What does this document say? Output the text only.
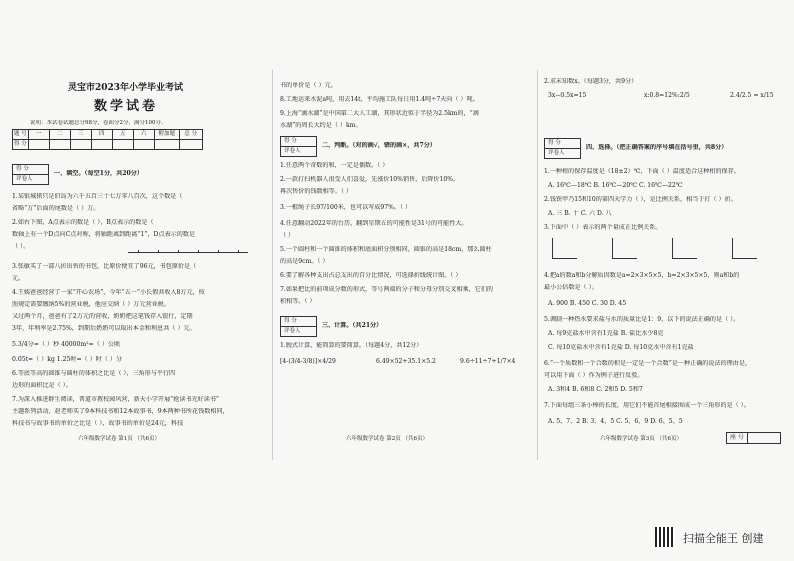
灵宝市2023年小学毕业考试
数学试卷
说明：本试卷试题总分98分，卷面分2分，满分100分。
题 号	一	二	三	四	五	六	附加题	总 分
得 分								
得 分
评卷人
一、填空。（每空1分，共20分）
1.某银城猪只是旧岛为六千五百三十七万零八百次，这个数是（
省略“万”后面的尾数是（ ）万。
2.如右下图，A点表示的数是（ ），B点表示的数是（
数轴上有一个D点向C点对称，将轴距离到距离“1”，D点表示的数是
（ ）。
3.张敏买了一部八折出售的书包，比原价便宜了96元，书包原价是（
元。
4.王姨爸爸经营了一家“开心农场”，今年“五一”小长假共收入8万元，按
照规定需要缴纳5%的营业税，他应交纳（ ）万元营业税。
又过两个月，爸爸有了2万元的营收，奶奶把这笔钱存入银行，定期
3年，年利率是2.75%，到期后奶奶可以取出本金和利息共（ ）元。
5.3/4分=（ ）秒 40000m²=（ ）公顷
0.05t=（ ）kg 1.25时=（ ）时（ ）分
6.等底等高的圆锥与圆柱的体积之比是（ ），三角形与平行四
边形的面积比是（ ）。
7.为深入推进群生阅读，普道市教校园风营，新天小学开展“抢读书光好读书”
主题系列活动，赵老师买了9本科技书和12本故事书，9本两种书所花钱数相同，
科技书与故事书的单价之比是（ ），故事书的单价是24元，科技
六年级数学试卷 第1页 （共6页）
书的单价是（ ）元。
8.工地运来水泥a吨，用去14t，平均施工队每日用1.4吨÷7天向（ ）吨。
9.上海“滴水湖”是中国第二大人工湖，其形状近似于半径为2.5km的，“滴
水湖”的周长大约是（ ）km。
得 分
评卷人
二、判断。（对的画√，错的画×，共7分）
1.任意两个奇数的和，一定是偶数。（ ）
2.一款打扫机器人很受人们喜爱，先涨价10%销售，后降价10%，
再次售价的钱数相等。（ ）
3.一根绳子长97/100米，也可以写成97%。（ ）
4.任意翻动2022年的台历，翻到星期五的可能性是31号的可能性大。
（ ）
5.一个圆柱和一个圆锥的体积和底面积分别相同，圆锥的高是18cm，那么圆柱
的高是9cm。（ ）
6.要了解各种支出占总支出的百分比情况，可选择折线统计图。（ ）
7.如果把比的前项成分数的形式，等号两端的分子和分母分别交叉相乘，它们的
积相等。（ ）
得 分
评卷人
三、计算。（共21分）
1.脱式计算，能简算的要简算。（每题4分，共12分）
[4-(3/4-3/8)]×4/29	6.49×52+35.1×5.2	9.6÷11÷7+1/7×4
六年级数学试卷 第2页 （共6页）
2.求未知数x。（每题3分，共9分）
3x−0.5x=15	x:0.8=12%:2/5	2.4/2.5 = x/15
得 分
评卷人
四、选择。（把正确答案的序号填在括号里，共8分）
1.一种柑的保存温度是（18±2）℃，下面（ ）温度适合这种柑的保存。
A. 16℃—18℃ B. 16℃—20℃ C. 16℃—22℃
2.钱铁甲乃15和10的第四天学力（ ），是比例关系，相当于打（ ）折。
A. 三 B. 十 C. 六 D. 八
3.下面中（ ）表示的两个量成正比例关系。
4.把a的数a和b分解质因数是a=2×3×5×5，b=2×3×5×5，则a和b的
最小公倍数是（ ）。
A. 900 B. 450 C. 30 D. 45
5.调制一种热水要求盐与水的质量比是1：9，以下的说法正确的是（ ）。
A. 每9克盐水中含有1克盐 B. 盐比水少8克
C. 每10克盐水中含有1克盐 D. 每10克水中含有1克盐
6.“一个质数和一个合数的积是一定是一个合数”是一种正确的说法的理由是，
可以用下面（ ）作为例子进行反驳。
A. 3和4 B. 6和8 C. 2和5 D. 5和7
7.下面每组三条小棒的长度，用它们不能首尾相接围成一个三角形的是（ ）。
A. 5、7、2 B. 3、4、5 C. 5、6、9 D. 6、5、5
六年级数学试卷 第3页 （共6页）	座 号
扫描全能王 创建
